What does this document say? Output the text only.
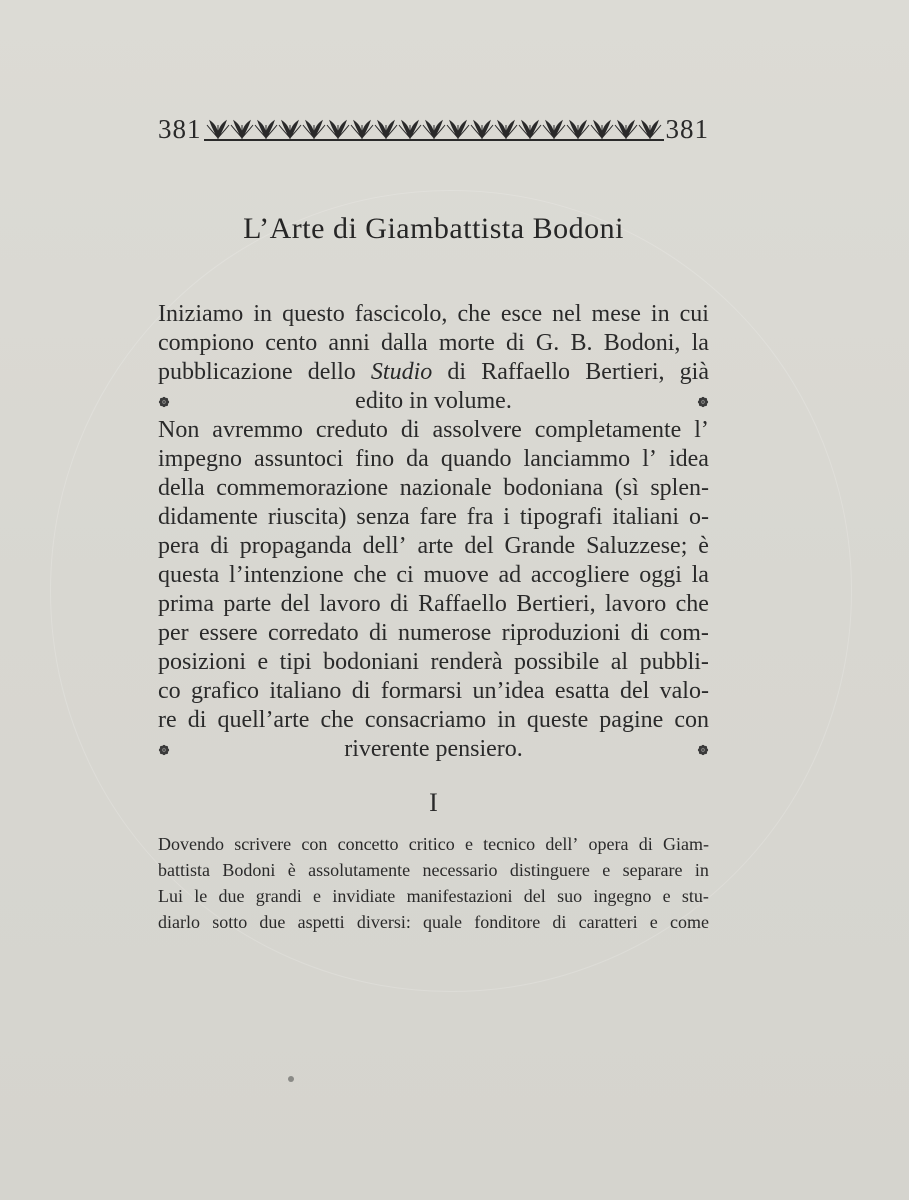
381	381
L’Arte di Giambattista Bodoni
Iniziamo in questo fascicolo, che esce nel mese in cui
compiono cento anni dalla morte di G. B. Bodoni, la
pubblicazione dello Studio di Raffaello Bertieri, già
edito in volume.
Non avremmo creduto di assolvere completamente l’
impegno assuntoci fino da quando lanciammo l’ idea
della commemorazione nazionale bodoniana (sì splen-
didamente riuscita) senza fare fra i tipografi italiani o-
pera di propaganda dell’ arte del Grande Saluzzese; è
questa l’intenzione che ci muove ad accogliere oggi la
prima parte del lavoro di Raffaello Bertieri, lavoro che
per essere corredato di numerose riproduzioni di com-
posizioni e tipi bodoniani renderà possibile al pubbli-
co grafico italiano di formarsi un’idea esatta del valo-
re di quell’arte che consacriamo in queste pagine con
riverente pensiero.
I
Dovendo scrivere con concetto critico e tecnico dell’ opera di Giam-
battista Bodoni è assolutamente necessario distinguere e separare in
Lui le due grandi e invidiate manifestazioni del suo ingegno e stu-
diarlo sotto due aspetti diversi: quale fonditore di caratteri e come
